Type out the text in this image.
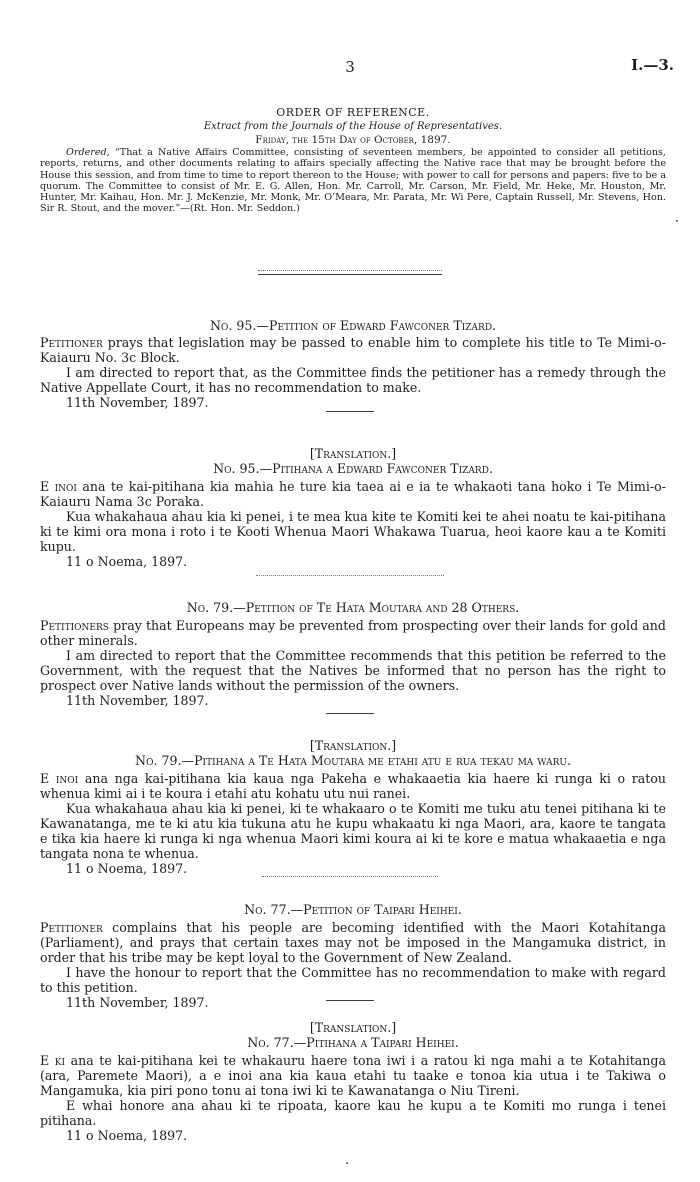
3	I.—3.
ORDER OF REFERENCE.
Extract from the Journals of the House of Representatives.
Friday, the 15th Day of October, 1897.

Ordered, “That a Native Affairs Committee, consisting of seventeen members, be appointed to consider all petitions, reports, returns, and other documents relating to affairs specially affecting the Native race that may be brought before the House this session, and from time to time to report thereon to the House; with power to call for persons and papers: five to be a quorum. The Committee to consist of Mr. E. G. Allen, Hon. Mr. Carroll, Mr. Carson, Mr. Field, Mr. Heke, Mr. Houston, Mr. Hunter, Mr. Kaihau, Hon. Mr. J. McKenzie, Mr. Monk, Mr. O’Meara, Mr. Parata, Mr. Wi Pere, Captain Russell, Mr. Stevens, Hon. Sir R. Stout, and the mover.”—(Rt. Hon. Mr. Seddon.)

No. 95.—Petition of Edward Fawconer Tizard.

Petitioner prays that legislation may be passed to enable him to complete his title to Te Mimi-o-Kaiauru No. 3c Block.

I am directed to report that, as the Committee finds the petitioner has a remedy through the Native Appellate Court, it has no recommendation to make.

11th November, 1897.

[Translation.]
No. 95.—Pitihana a Edward Fawconer Tizard.

E inoi ana te kai-pitihana kia mahia he ture kia taea ai e ia te whakaoti tana hoko i Te Mimi-o-Kaiauru Nama 3c Poraka.

Kua whakahaua ahau kia ki penei, i te mea kua kite te Komiti kei te ahei noatu te kai-pitihana ki te kimi ora mona i roto i te Kooti Whenua Maori Whakawa Tuarua, heoi kaore kau a te Komiti kupu.

11 o Noema, 1897.

No. 79.—Petition of Te Hata Moutara and 28 Others.

Petitioners pray that Europeans may be prevented from prospecting over their lands for gold and other minerals.

I am directed to report that the Committee recommends that this petition be referred to the Government, with the request that the Natives be informed that no person has the right to prospect over Native lands without the permission of the owners.

11th November, 1897.

[Translation.]
No. 79.—Pitihana a Te Hata Moutara me etahi atu e rua tekau ma waru.

E inoi ana nga kai-pitihana kia kaua nga Pakeha e whakaaetia kia haere ki runga ki o ratou whenua kimi ai i te koura i etahi atu kohatu utu nui ranei.

Kua whakahaua ahau kia ki penei, ki te whakaaro o te Komiti me tuku atu tenei pitihana ki te Kawanatanga, me te ki atu kia tukuna atu he kupu whakaatu ki nga Maori, ara, kaore te tangata e tika kia haere ki runga ki nga whenua Maori kimi koura ai ki te kore e matua whakaaetia e nga tangata nona te whenua.

11 o Noema, 1897.

No. 77.—Petition of Taipari Heihei.

Petitioner complains that his people are becoming identified with the Maori Kotahitanga (Parliament), and prays that certain taxes may not be imposed in the Mangamuka district, in order that his tribe may be kept loyal to the Government of New Zealand.

I have the honour to report that the Committee has no recommendation to make with regard to this petition.

11th November, 1897.

[Translation.]
No. 77.—Pitihana a Taipari Heihei.

E ki ana te kai-pitihana kei te whakauru haere tona iwi i a ratou ki nga mahi a te Kotahitanga (ara, Paremete Maori), a e inoi ana kia kaua etahi tu taake e tonoa kia utua i te Takiwa o Mangamuka, kia piri pono tonu ai tona iwi ki te Kawanatanga o Niu Tireni.

E whai honore ana ahau ki te ripoata, kaore kau he kupu a te Komiti mo runga i tenei pitihana.

11 o Noema, 1897.
